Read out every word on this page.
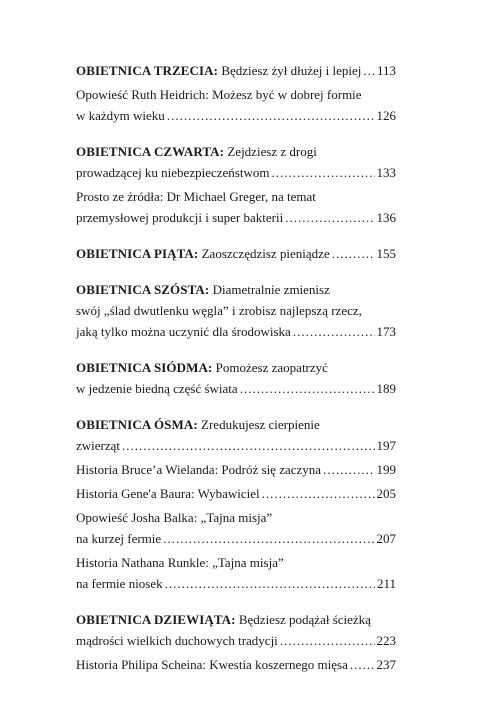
OBIETNICA TRZECIA: Będziesz żył dłużej i lepiej ..... 113
Opowieść Ruth Heidrich: Możesz być w dobrej formie
w każdym wieku .....	126
OBIETNICA CZWARTA: Zejdziesz z drogi
prowadzącej ku niebezpieczeństwom .....	133
Prosto ze źródła: Dr Michael Greger, na temat
przemysłowej produkcji i super bakterii .....	136
OBIETNICA PIĄTA: Zaoszczędzisz pieniądze .....	155
OBIETNICA SZÓSTA: Diametralnie zmienisz
swój „ślad dwutlenku węgla” i zrobisz najlepszą rzecz,
jaką tylko można uczynić dla środowiska .....	173
OBIETNICA SIÓDMA: Pomożesz zaopatrzyć
w jedzenie biedną część świata .....	189
OBIETNICA ÓSMA: Zredukujesz cierpienie
zwierząt .....	197
Historia Bruce’a Wielanda: Podróż się zaczyna .....	199
Historia Gene'a Baura: Wybawiciel .....	205
Opowieść Josha Balka: „Tajna misja”
na kurzej fermie .....	207
Historia Nathana Runkle: „Tajna misja”
na fermie niosek .....	211
OBIETNICA DZIEWIĄTA: Będziesz podążał ścieżką
mądrości wielkich duchowych tradycji .....	223
Historia Philipa Scheina: Kwestia koszernego mięsa ..... 237
